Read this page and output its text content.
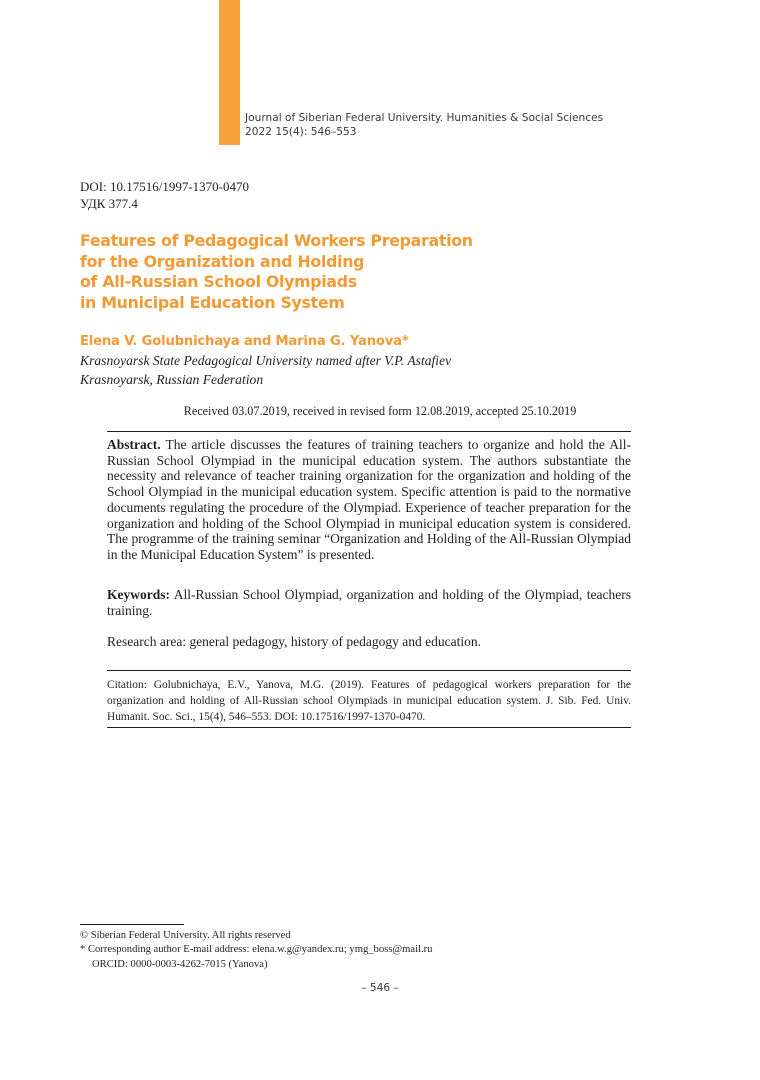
Journal of Siberian Federal University. Humanities & Social Sciences
2022 15(4): 546–553
DOI: 10.17516/1997-1370-0470
УДК 377.4
Features of Pedagogical Workers Preparation
for the Organization and Holding
of All-Russian School Olympiads
in Municipal Education System
Elena V. Golubnichaya and Marina G. Yanova*
Krasnoyarsk State Pedagogical University named after V.P. Astafiev
Krasnoyarsk, Russian Federation
Received 03.07.2019, received in revised form 12.08.2019, accepted 25.10.2019
Abstract. The article discusses the features of training teachers to organize and hold the All-Russian School Olympiad in the municipal education system. The authors substantiate the necessity and relevance of teacher training organization for the organization and holding of the School Olympiad in the municipal education system. Specific attention is paid to the normative documents regulating the procedure of the Olympiad. Experience of teacher preparation for the organization and holding of the School Olympiad in municipal education system is considered. The programme of the training seminar “Organization and Holding of the All-Russian Olympiad in the Municipal Education System” is presented.
Keywords: All-Russian School Olympiad, organization and holding of the Olympiad, teachers training.
Research area: general pedagogy, history of pedagogy and education.
Citation: Golubnichaya, E.V., Yanova, M.G. (2019). Features of pedagogical workers preparation for the organization and holding of All-Russian school Olympiads in municipal education system. J. Sib. Fed. Univ. Humanit. Soc. Sci., 15(4), 546–553. DOI: 10.17516/1997-1370-0470.
© Siberian Federal University. All rights reserved
* Corresponding author E-mail address: elena.w.g@yandex.ru; ymg_boss@mail.ru
ORCID: 0000-0003-4262-7015 (Yanova)
– 546 –
